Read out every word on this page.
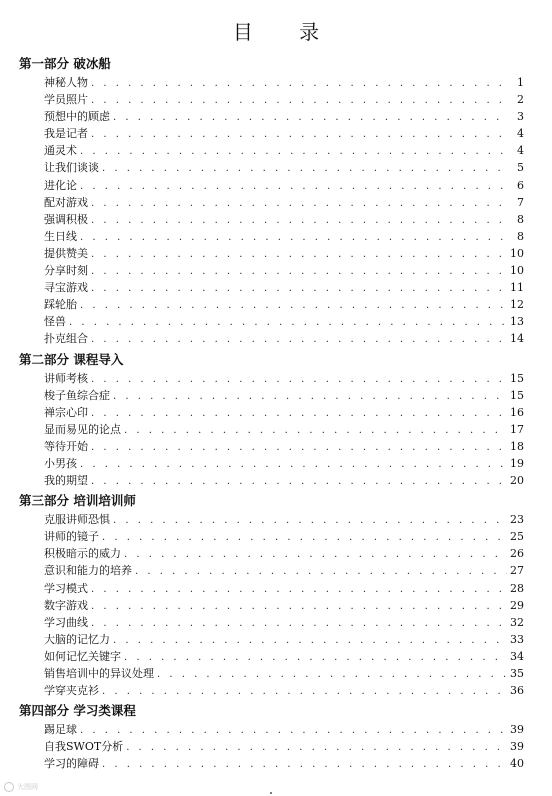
目 录
第一部分 破冰船
神秘人物 . . .	1
学员照片 . . .	2
预想中的顾虑 . . .	3
我是记者 . . .	4
通灵术 . . .	4
让我们谈谈 . . .	5
进化论 . . .	6
配对游戏 . . .	7
强调积极 . . .	8
生日线 . . .	8
提供赞美 . . .	10
分享时刻 . . .	10
寻宝游戏 . . .	11
踩轮胎 . . .	12
怪兽 . . .	13
扑克组合 . . .	14
第二部分 课程导入
讲师考核 . . .	15
梭子鱼综合症 . . .	15
禅宗心印 . . .	16
显而易见的论点 . . .	17
等待开始 . . .	18
小男孩 . . .	19
我的期望 . . .	20
第三部分 培训培训师
克服讲师恐惧 . . .	23
讲师的镜子 . . .	25
积极暗示的威力 . . .	26
意识和能力的培养 . . .	27
学习模式 . . .	28
数字游戏 . . .	29
学习曲线 . . .	32
大脑的记忆力 . . .	33
如何记忆关键字 . . .	34
销售培训中的异议处理 . . .	35
学穿夹克衫 . . .	36
第四部分 学习类课程
踢足球 . . .	39
自我SWOT分析 . . .	39
学习的障碍 . . .	40
大图网
